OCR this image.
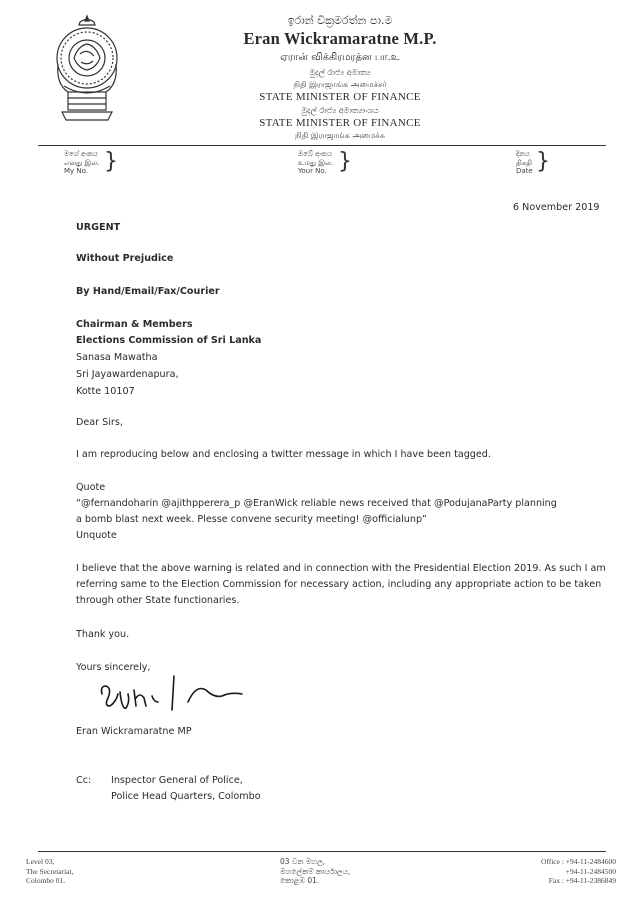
ඉරාන් වික්‍රමරත්න පා.ම
Eran Wickramaratne M.P.
ஏரான் விக்கிரமரத்ன பா.உ
මුදල් රාජ්‍ය අමාත්‍ය
நிதி இராஜாங்க அமைச்சர்
STATE MINISTER OF FINANCE
මුදල් රාජ්‍ය අමාත්‍යාංශය
STATE MINISTER OF FINANCE
நிதி இராஜாங்க அமைச்சு
මගේ අංකය
எனது இல.
My No. }	ඔබේ අංකය
உமது இல.
Your No. }	දිනය
திகதி
Date }
6 November 2019
URGENT
Without Prejudice
By Hand/Email/Fax/Courier
Chairman & Members
Elections Commission of Sri Lanka
Sanasa Mawatha
Sri Jayawardenapura,
Kotte 10107
Dear Sirs,
I am reproducing below and enclosing a twitter message in which I have been tagged.
Quote
“@fernandoharin @ajithpperera_p @EranWick reliable news received that @PodujanaParty planning
a bomb blast next week. Plesse convene security meeting! @officialunp”
Unquote
I believe that the above warning is related and in connection with the Presidential Election 2019. As such I am
referring same to the Election Commission for necessary action, including any appropriate action to be taken
through other State functionaries.
Thank you.
Yours sincerely,
Eran Wickramaratne MP
Cc: Inspector General of Police,
Police Head Quarters, Colombo
Level 03,
The Secretariat,
Colombo 01.
03 වන මහල,
මහලේකම් කාර්යාලය,
කොළඹ 01.
Office : +94-11-2484600
+94-11-2484500
Fax : +94-11-2386849
